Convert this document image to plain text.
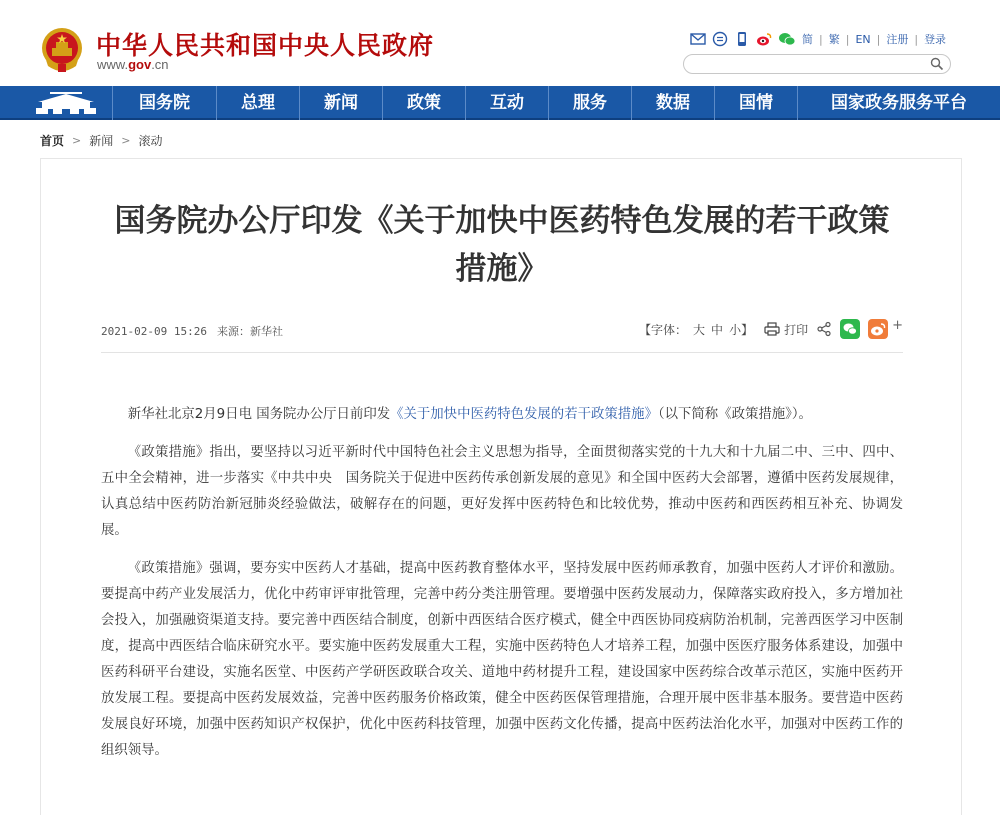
中华人民共和国中央人民政府
www.gov.cn
简 | 繁 | EN | 注册 | 登录
国务院	总理	新闻	政策	互动	服务	数据	国情	国家政务服务平台
首页 > 新闻 > 滚动
国务院办公厅印发《关于加快中医药特色发展的若干政策措施》
2021-02-09 15:26 来源：新华社	【字体： 大 中 小】	打印	+

新华社北京2月9日电 国务院办公厅日前印发《关于加快中医药特色发展的若干政策措施》（以下简称《政策措施》）。

《政策措施》指出，要坚持以习近平新时代中国特色社会主义思想为指导，全面贯彻落实党的十九大和十九届二中、三中、四中、五中全会精神，进一步落实《中共中央　国务院关于促进中医药传承创新发展的意见》和全国中医药大会部署，遵循中医药发展规律，认真总结中医药防治新冠肺炎经验做法，破解存在的问题，更好发挥中医药特色和比较优势，推动中医药和西医药相互补充、协调发展。

《政策措施》强调，要夯实中医药人才基础，提高中医药教育整体水平，坚持发展中医药师承教育，加强中医药人才评价和激励。要提高中药产业发展活力，优化中药审评审批管理，完善中药分类注册管理。要增强中医药发展动力，保障落实政府投入，多方增加社会投入，加强融资渠道支持。要完善中西医结合制度，创新中西医结合医疗模式，健全中西医协同疫病防治机制，完善西医学习中医制度，提高中西医结合临床研究水平。要实施中医药发展重大工程，实施中医药特色人才培养工程，加强中医医疗服务体系建设，加强中医药科研平台建设，实施名医堂、中医药产学研医政联合攻关、道地中药材提升工程，建设国家中医药综合改革示范区，实施中医药开放发展工程。要提高中医药发展效益，完善中医药服务价格政策，健全中医药医保管理措施，合理开展中医非基本服务。要营造中医药发展良好环境，加强中医药知识产权保护，优化中医药科技管理，加强中医药文化传播，提高中医药法治化水平，加强对中医药工作的组织领导。
